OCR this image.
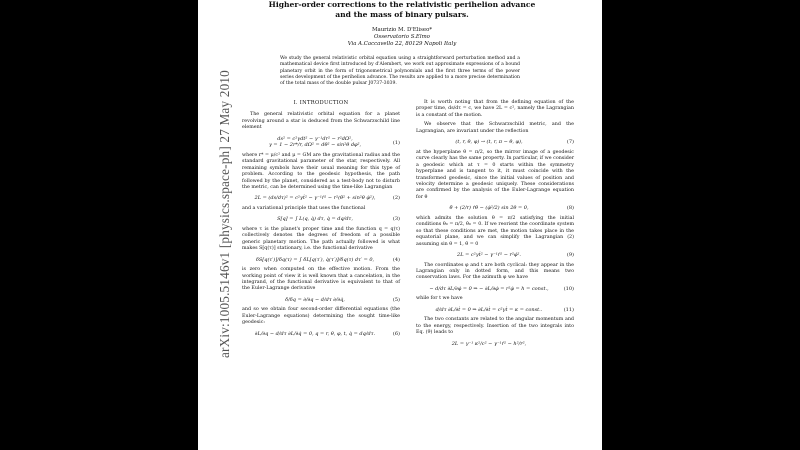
arXiv:1005.5146v1 [physics.space-ph] 27 May 2010
Higher-order corrections to the relativistic perihelion advance
and the mass of binary pulsars.
Maurizio M. D'Eliseo*
Osservatorio S.Elmo
Via A.Caccavello 22, 80129 Napoli Italy
We study the general relativistic orbital equation using a straightforward perturbation method and a mathematical device first introduced by d'Alembert, we work out approximate expressions of a bound planetary orbit in the form of trigonometrical polynomials and the first three terms of the power series development of the perihelion advance. The results are applied to a more precise determination of the total mass of the double pulsar J0737-3039.
I. INTRODUCTION

The general relativistic orbital equation for a planet revolving around a star is deduced from the Schwarzschild line element

ds² = c²γdt² − γ⁻¹dr² − r²dΩ²,
γ = 1 − 2r*/r, dΩ² = dθ² − sin²θ dφ²,	(1)

where r* = μ/c² and μ = GM are the gravitational radius and the standard gravitational parameter of the star, respectively. All remaining symbols have their usual meaning for this type of problem. According to the geodesic hypothesis, the path followed by the planet, considered as a test-body not to disturb the metric, can be determined using the time-like Lagrangian

2L = (ds/dτ)² = c²γṫ² − γ⁻¹ṙ² − r²(θ̇² + sin²θ φ̇²),	(2)

and a variational principle that uses the functional

S[q] = ∫ L(q, q̇) dτ, q̇ = dq/dτ,	(3)

where τ is the planet's proper time and the function q = q(τ) collectively denotes the degrees of freedom of a possible generic planetary motion. The path actually followed is what makes S[q(τ)] stationary, i.e. the functional derivative

δS[q(τ′)]/δq(τ) = ∫ δL[q(τ′), q̇(τ′)]/δq(τ) dτ′ = 0,	(4)

is zero when computed on the effective motion. From the working point of view it is well known that a cancelation, in the integrand, of the functional derivative is equivalent to that of the Euler-Lagrange derivative

δ/δq = ∂/∂q − d/dτ ∂/∂q̇,	(5)

and so we obtain four second-order differential equations (the Euler-Lagrange equations) determining the sought time-like geodesic:

∂L/∂q − d/dτ ∂L/∂q̇ = 0, q = r, θ, φ, t, q̇ = dq/dτ.	(6)

It is worth noting that from the defining equation of the proper time, ds/dτ = c, we have 2L = c², namely the Lagrangian is a constant of the motion.

We observe that the Schwarzschild metric, and the Lagrangian, are invariant under the reflection

(t, r, θ, φ) → (t, r, π − θ, φ),	(7)

at the hyperplane θ = π/2, so the mirror image of a geodesic curve clearly has the same property. In particular, if we consider a geodesic which at τ = 0 starts within the symmetry hyperplane and is tangent to it, it must coincide with the transformed geodesic, since the initial values of position and velocity determine a geodesic uniquely. These considerations are confirmed by the analysis of the Euler-Lagrange equation for θ

θ̈ + (2/r) ṙθ̇ − (φ̇²/2) sin 2θ = 0,	(8)

which admits the solution θ = π/2 satisfying the initial conditions θ₀ = π/2, θ̇₀ = 0. If we reorient the coordinate system so that these conditions are met, the motion takes place in the equatorial plane, and we can simplify the Lagrangian (2) assuming sin θ = 1, θ̇ = 0

2L = c²γṫ² − γ⁻¹ṙ² − r²φ̇².	(9)

The coordinates φ and t are both cyclical: they appear in the Lagrangian only in dotted form, and this means two conservation laws. For the azimuth φ we have

− d/dτ ∂L/∂φ̇ = 0 ⇒ − ∂L/∂φ̇ = r²φ̇ = h = const.,	(10)

while for t we have

d/dτ ∂L/∂ṫ = 0 ⇒ ∂L/∂ṫ = c²γṫ = κ = const..	(11)

The two constants are related to the angular momentum and to the energy, respectively. Insertion of the two integrals into Eq. (9) leads to

2L = γ⁻¹ κ²/c² − γ⁻¹ṙ² − h²/r²,
